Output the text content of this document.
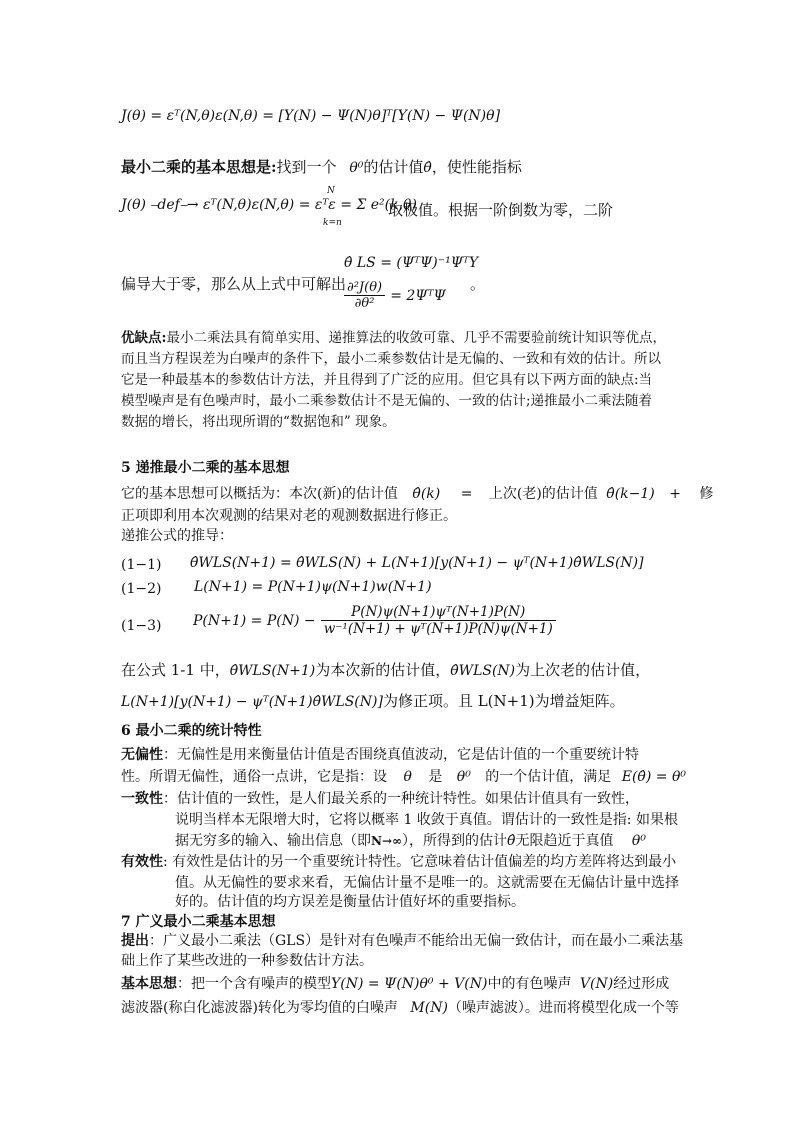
J(θ) = εᵀ(N,θ)ε(N,θ) = [Y(N) − Ψ(N)θ]ᵀ[Y(N) − Ψ(N)θ]
最小二乘的基本思想是:找到一个 θ⁰的估计值θ̂，使性能指标
J(θ) ⎯def⎯→ εᵀ(N,θ)ε(N,θ) = εᵀε = Σ e²(k,θ)
N
k=n
取极值。根据一阶倒数为零，二阶
偏导大于零，那么从上式中可解出
θ̂ LS = (ΨᵀΨ)⁻¹ΨᵀY
$\frac{\text{∂²J(θ)}}{\text{∂θ²}}$ = 2ΨᵀΨ
。
优缺点:最小二乘法具有简单实用、递推算法的收敛可靠、几乎不需要验前统计知识等优点，
而且当方程误差为白噪声的条件下，最小二乘参数估计是无偏的、一致和有效的估计。所以
它是一种最基本的参数估计方法，并且得到了广泛的应用。但它具有以下两方面的缺点:当
模型噪声是有色噪声时，最小二乘参数估计不是无偏的、一致的估计;递推最小二乘法随着
数据的增长，将出现所谓的“数据饱和” 现象。
5 递推最小二乘的基本思想
它的基本思想可以概括为：本次(新)的估计值 θ̂(k) = 上次(老)的估计值 θ̂(k−1) + 修
正项即利用本次观测的结果对老的观测数据进行修正。
递推公式的推导：
(1−1) θ̂WLS(N+1) = θ̂WLS(N) + L(N+1)[y(N+1) − ψᵀ(N+1)θ̂WLS(N)]
(1−2) L(N+1) = P(N+1)ψ(N+1)w(N+1)
(1−3) $P(N+1) = P(N) - \frac{\text{P(N)ψ(N+1)ψᵀ(N+1)P(N)}}{\text{w⁻¹(N+1) + ψᵀ(N+1)P(N)ψ(N+1)}}$
在公式 1-1 中，θ̂WLS(N+1)为本次新的估计值，θ̂WLS(N)为上次老的估计值，
L(N+1)[y(N+1) − ψᵀ(N+1)θ̂WLS(N)]为修正项。且 L(N+1)为增益矩阵。
6 最小二乘的统计特性
无偏性：无偏性是用来衡量估计值是否围绕真值波动，它是估计值的一个重要统计特
性。所谓无偏性，通俗一点讲，它是指：设 θ 是 θ⁰ 的一个估计值，满足 E(θ̂) = θ⁰
一致性：估计值的一致性，是人们最关系的一种统计特性。如果估计值具有一致性，
说明当样本无限增大时，它将以概率 1 收敛于真值。谓估计的一致性是指: 如果根
据无穷多的输入、输出信息（即N→∞），所得到的估计θ̂无限趋近于真值 θ⁰
有效性: 有效性是估计的另一个重要统计特性。它意味着估计值偏差的均方差阵将达到最小
值。从无偏性的要求来看，无偏估计量不是唯一的。这就需要在无偏估计量中选择
好的。估计值的均方误差是衡量估计值好坏的重要指标。
7 广义最小二乘基本思想
提出：广义最小二乘法（GLS）是针对有色噪声不能给出无偏一致估计，而在最小二乘法基
础上作了某些改进的一种参数估计方法。
基本思想：把一个含有噪声的模型Y(N) = Ψ(N)θ⁰ + V(N)中的有色噪声 V(N)经过形成
滤波器(称白化滤波器)转化为零均值的白噪声 M(N)（噪声滤波）。进而将模型化成一个等
